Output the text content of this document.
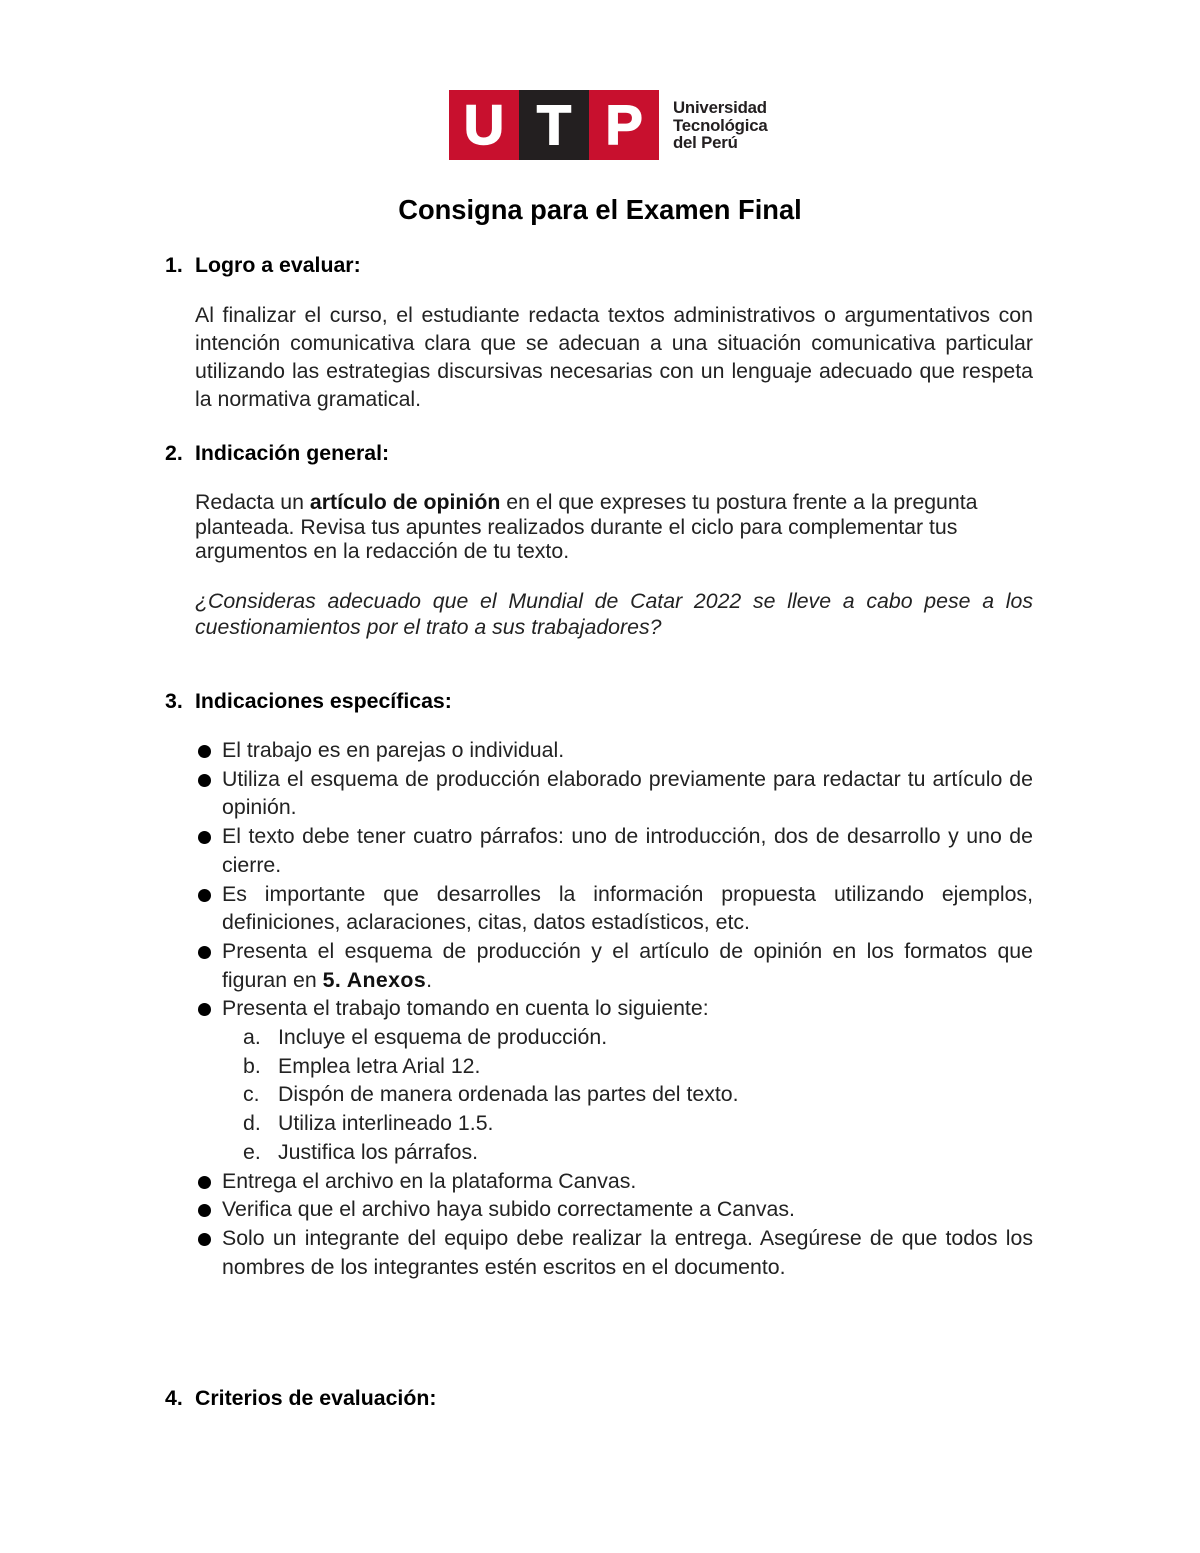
U T P	Universidad
Tecnológica
del Perú
Consigna para el Examen Final
1. Logro a evaluar:
Al finalizar el curso, el estudiante redacta textos administrativos o argumentativos con intención comunicativa clara que se adecuan a una situación comunicativa particular utilizando las estrategias discursivas necesarias con un lenguaje adecuado que respeta la normativa gramatical.
2. Indicación general:
Redacta un artículo de opinión en el que expreses tu postura frente a la pregunta planteada. Revisa tus apuntes realizados durante el ciclo para complementar tus argumentos en la redacción de tu texto.
¿Consideras adecuado que el Mundial de Catar 2022 se lleve a cabo pese a los cuestionamientos por el trato a sus trabajadores?
3. Indicaciones específicas:
El trabajo es en parejas o individual.
Utiliza el esquema de producción elaborado previamente para redactar tu artículo de opinión.
El texto debe tener cuatro párrafos: uno de introducción, dos de desarrollo y uno de cierre.
Es importante que desarrolles la información propuesta utilizando ejemplos, definiciones, aclaraciones, citas, datos estadísticos, etc.
Presenta el esquema de producción y el artículo de opinión en los formatos que figuran en 5. Anexos.
Presenta el trabajo tomando en cuenta lo siguiente:
a. Incluye el esquema de producción.
b. Emplea letra Arial 12.
c. Dispón de manera ordenada las partes del texto.
d. Utiliza interlineado 1.5.
e. Justifica los párrafos.
Entrega el archivo en la plataforma Canvas.
Verifica que el archivo haya subido correctamente a Canvas.
Solo un integrante del equipo debe realizar la entrega. Asegúrese de que todos los nombres de los integrantes estén escritos en el documento.
4. Criterios de evaluación:
